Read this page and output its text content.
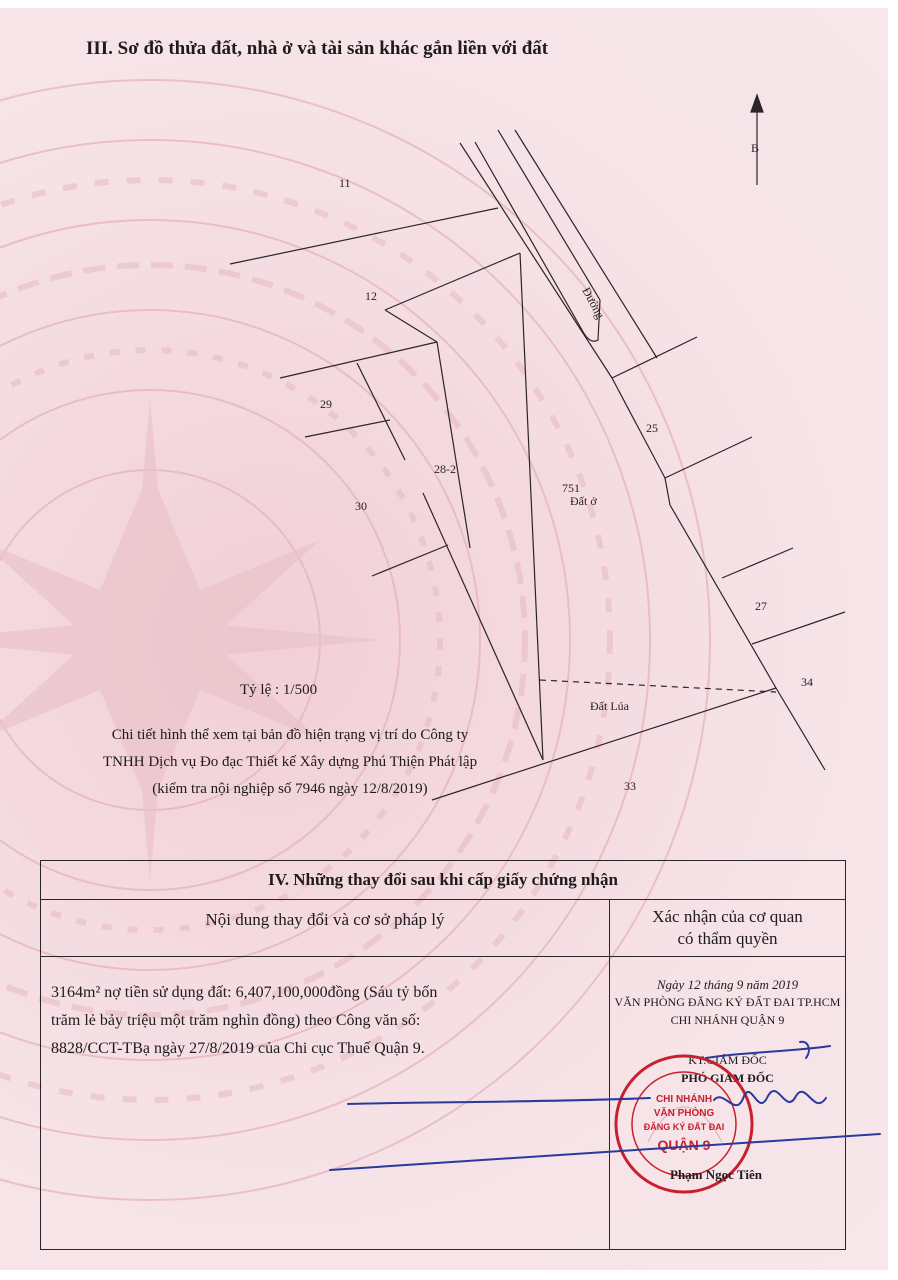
III. Sơ đồ thửa đất, nhà ở và tài sản khác gắn liền với đất
B
Đường
11
12
29
30
28-2
25
27
34
33
751
Đất ở
Đất Lúa
Tỷ lệ : 1/500
Chi tiết hình thể xem tại bản đồ hiện trạng vị trí do Công ty
TNHH Dịch vụ Đo đạc Thiết kế Xây dựng Phú Thiện Phát lập
(kiểm tra nội nghiệp số 7946 ngày 12/8/2019)
IV. Những thay đổi sau khi cấp giấy chứng nhận
Nội dung thay đổi và cơ sở pháp lý	Xác nhận của cơ quan
có thẩm quyền
3164m² nợ tiền sử dụng đất: 6,407,100,000đồng (Sáu tỷ bốn
trăm lẻ bảy triệu một trăm nghìn đồng) theo Công văn số:
8828/CCT-TBạ ngày 27/8/2019 của Chi cục Thuế Quận 9.
Ngày 12 tháng 9 năm 2019
VĂN PHÒNG ĐĂNG KÝ ĐẤT ĐAI TP.HCM
CHI NHÁNH QUẬN 9
KT.GIÁM ĐỐC
PHÓ GIÁM ĐỐC
CHI NHÁNH
VĂN PHÒNG
ĐĂNG KÝ ĐẤT ĐAI
QUẬN 9
Phạm Ngọc Tiên
